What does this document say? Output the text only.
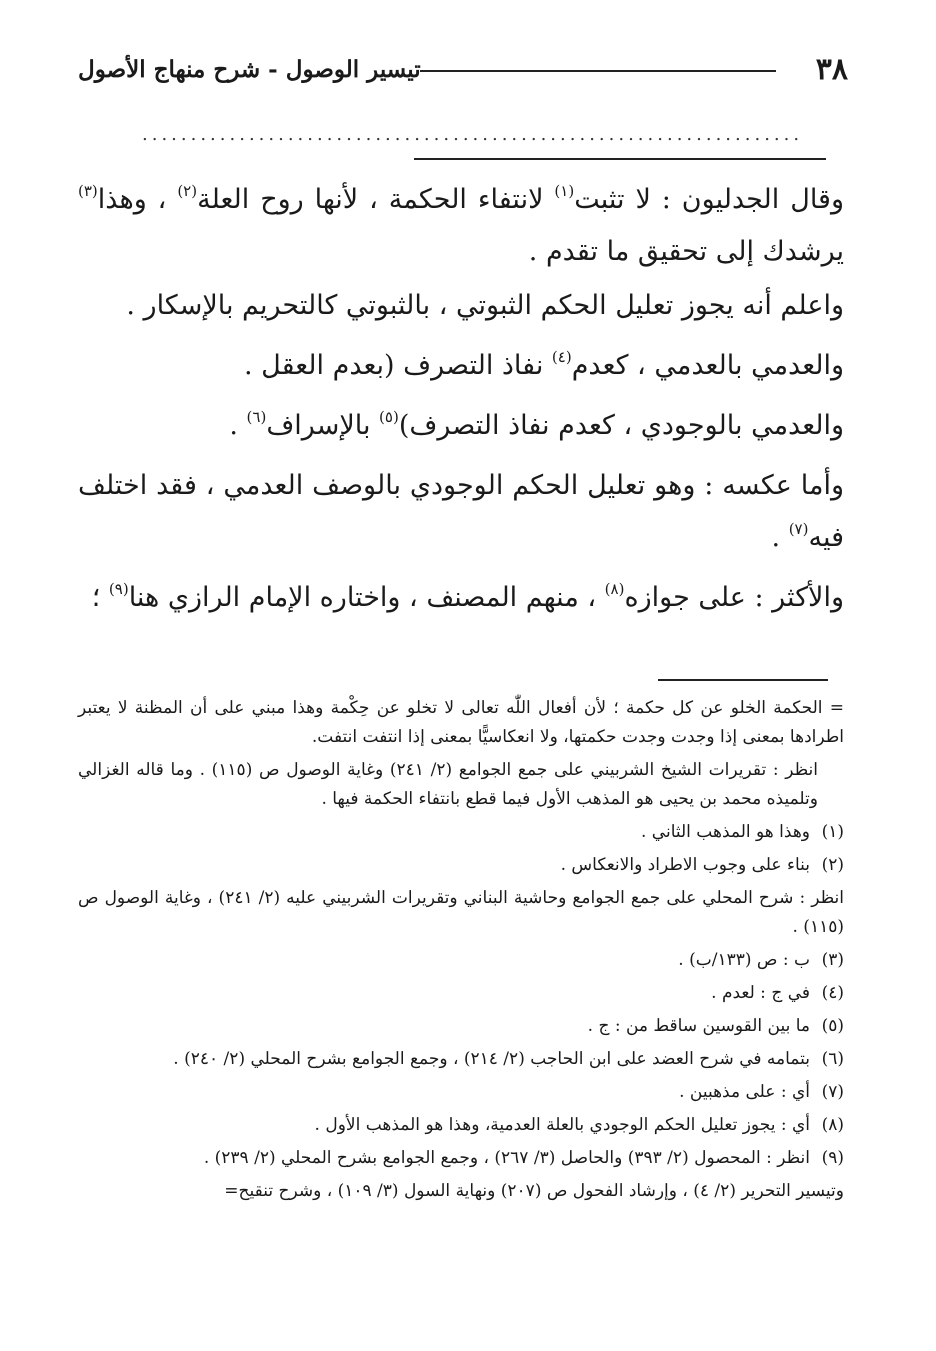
٣٨
تيسير الوصول - شرح منهاج الأصول
....................................................................

وقال الجدليون : لا تثبت$^{(١)}$ لانتفاء الحكمة ، لأنها روح العلة$^{(٢)}$ ، وهذا$^{(٣)}$ يرشدك إلى تحقيق ما تقدم .

واعلم أنه يجوز تعليل الحكم الثبوتي ، بالثبوتي كالتحريم بالإسكار .

والعدمي بالعدمي ، كعدم$^{(٤)}$ نفاذ التصرف (بعدم العقل .

والعدمي بالوجودي ، كعدم نفاذ التصرف)$^{(٥)}$ بالإسراف$^{(٦)}$ .

وأما عكسه : وهو تعليل الحكم الوجودي بالوصف العدمي ، فقد اختلف فيه$^{(٧)}$ .

والأكثر : على جوازه$^{(٨)}$ ، منهم المصنف ، واختاره الإمام الرازي هنا$^{(٩)}$ ؛

= الحكمة الخلو عن كل حكمة ؛ لأن أفعال اللّٰه تعالى لا تخلو عن حِكْمة وهذا مبني على أن المظنة لا يعتبر اطرادها بمعنى إذا وجدت وجدت حكمتها، ولا انعكاسيًّا بمعنى إذا انتفت انتفت.
انظر : تقريرات الشيخ الشربيني على جمع الجوامع (٢/ ٢٤١) وغاية الوصول ص (١١٥) . وما قاله الغزالي وتلميذه محمد بن يحيى هو المذهب الأول فيما قطع بانتفاء الحكمة فيها .
(١)
وهذا هو المذهب الثاني .
(٢)
بناء على وجوب الاطراد والانعكاس .
انظر : شرح المحلي على جمع الجوامع وحاشية البناني وتقريرات الشربيني عليه (٢/ ٢٤١) ، وغاية الوصول ص (١١٥) .
(٣)
ب : ص (١٣٣/ب) .
(٤)
في ج : لعدم .
(٥)
ما بين القوسين ساقط من : ج .
(٦)
بتمامه في شرح العضد على ابن الحاجب (٢/ ٢١٤) ، وجمع الجوامع بشرح المحلي (٢/ ٢٤٠) .
(٧)
أي : على مذهبين .
(٨)
أي : يجوز تعليل الحكم الوجودي بالعلة العدمية، وهذا هو المذهب الأول .
(٩)
انظر : المحصول (٢/ ٣٩٣) والحاصل (٣/ ٢٦٧) ، وجمع الجوامع بشرح المحلي (٢/ ٢٣٩) .
وتيسير التحرير (٢/ ٤) ، وإرشاد الفحول ص (٢٠٧) ونهاية السول (٣/ ١٠٩) ، وشرح تنقيح=
